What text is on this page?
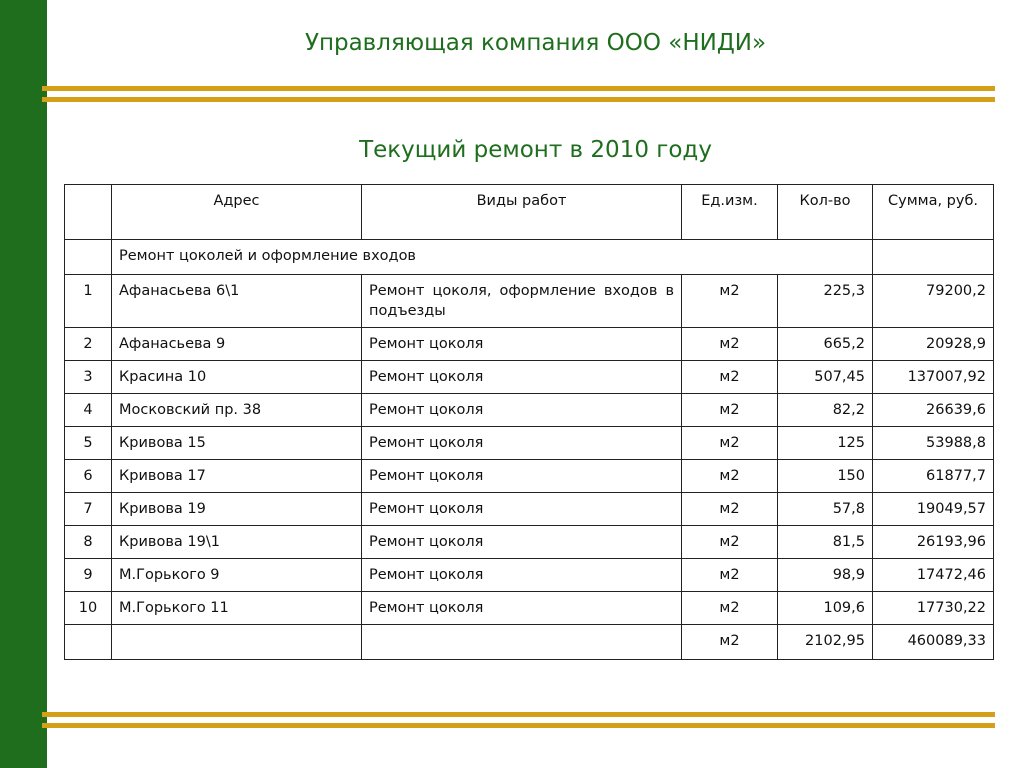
Управляющая компания ООО «НИДИ»
Текущий ремонт в 2010 году
	Адрес	Виды работ	Ед.изм.	Кол-во	Сумма, руб.
	Ремонт цоколей и оформление входов				
1	Афанасьева 6\1	Ремонт цоколя, оформление входов в подъезды	м2	225,3	79200,2
2	Афанасьева 9	Ремонт цоколя	м2	665,2	20928,9
3	Красина 10	Ремонт цоколя	м2	507,45	137007,92
4	Московский пр. 38	Ремонт цоколя	м2	82,2	26639,6
5	Кривова 15	Ремонт цоколя	м2	125	53988,8
6	Кривова 17	Ремонт цоколя	м2	150	61877,7
7	Кривова 19	Ремонт цоколя	м2	57,8	19049,57
8	Кривова 19\1	Ремонт цоколя	м2	81,5	26193,96
9	М.Горького 9	Ремонт цоколя	м2	98,9	17472,46
10	М.Горького 11	Ремонт цоколя	м2	109,6	17730,22
			м2	2102,95	460089,33
